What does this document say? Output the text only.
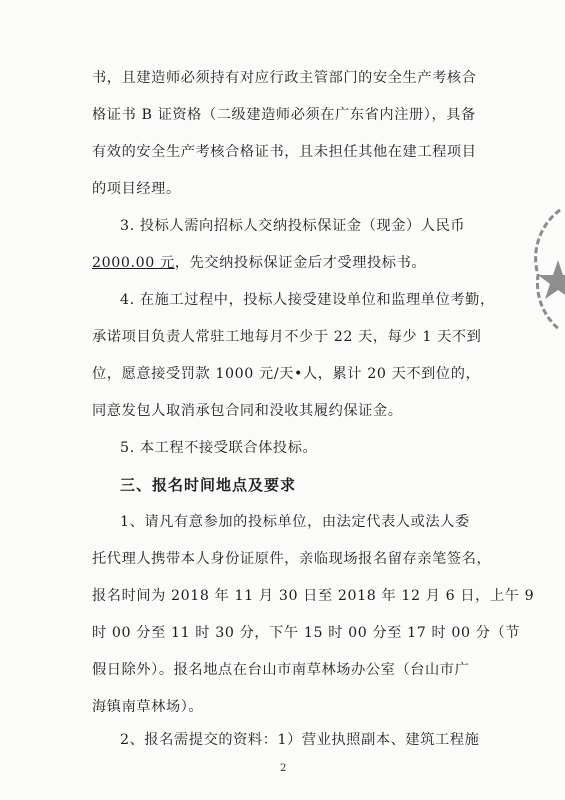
书，且建造师必须持有对应行政主管部门的安全生产考核合
格证书 B 证资格（二级建造师必须在广东省内注册），具备
有效的安全生产考核合格证书，且未担任其他在建工程项目
的项目经理。
3. 投标人需向招标人交纳投标保证金（现金）人民币
2000.00 元，先交纳投标保证金后才受理投标书。
4. 在施工过程中，投标人接受建设单位和监理单位考勤，
承诺项目负责人常驻工地每月不少于 22 天，每少 1 天不到
位，愿意接受罚款 1000 元/天•人，累计 20 天不到位的，
同意发包人取消承包合同和没收其履约保证金。
5. 本工程不接受联合体投标。
三、报名时间地点及要求
1、请凡有意参加的投标单位，由法定代表人或法人委
托代理人携带本人身份证原件，亲临现场报名留存亲笔签名，
报名时间为 2018 年 11 月 30 日至 2018 年 12 月 6 日，上午 9
时 00 分至 11 时 30 分，下午 15 时 00 分至 17 时 00 分（节
假日除外）。报名地点在台山市南草林场办公室（台山市广
海镇南草林场）。
2、报名需提交的资料：1）营业执照副本、建筑工程施
2
